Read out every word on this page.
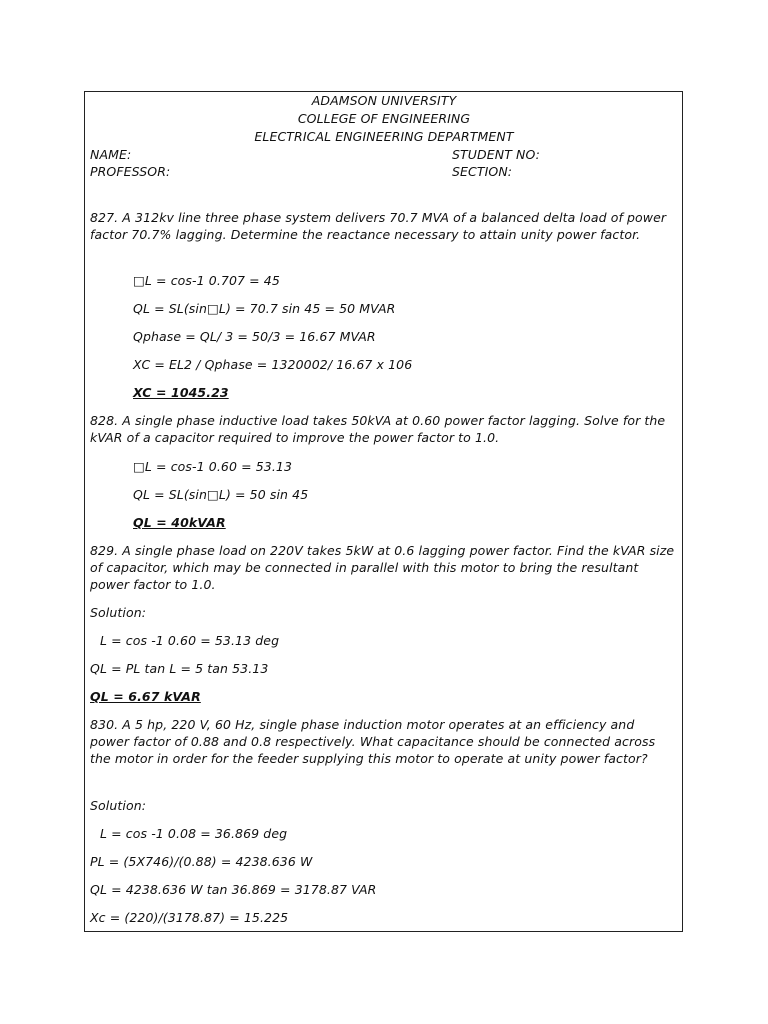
ADAMSON UNIVERSITY
COLLEGE OF ENGINEERING
ELECTRICAL ENGINEERING DEPARTMENT
NAME:	STUDENT NO:
PROFESSOR:	SECTION:
827. A 312kv line three phase system delivers 70.7 MVA of a balanced delta load of power factor 70.7% lagging. Determine the reactance necessary to attain unity power factor.
□L = cos-1 0.707 = 45
QL = SL(sin□L) = 70.7 sin 45 = 50 MVAR
Qphase = QL/ 3 = 50/3 = 16.67 MVAR
XC = EL2 / Qphase = 1320002/ 16.67 x 106
XC = 1045.23
828. A single phase inductive load takes 50kVA at 0.60 power factor lagging. Solve for the kVAR of a capacitor required to improve the power factor to 1.0.
□L = cos-1 0.60 = 53.13
QL = SL(sin□L) = 50 sin 45
QL = 40kVAR
829. A single phase load on 220V takes 5kW at 0.6 lagging power factor. Find the kVAR size of capacitor, which may be connected in parallel with this motor to bring the resultant power factor to 1.0.
Solution:
L = cos -1 0.60 = 53.13 deg
QL = PL tan L = 5 tan 53.13
QL = 6.67 kVAR
830. A 5 hp, 220 V, 60 Hz, single phase induction motor operates at an efficiency and power factor of 0.88 and 0.8 respectively. What capacitance should be connected across the motor in order for the feeder supplying this motor to operate at unity power factor?
Solution:
L = cos -1 0.08 = 36.869 deg
PL = (5X746)/(0.88) = 4238.636 W
QL = 4238.636 W tan 36.869 = 3178.87 VAR
Xc = (220)/(3178.87) = 15.225
